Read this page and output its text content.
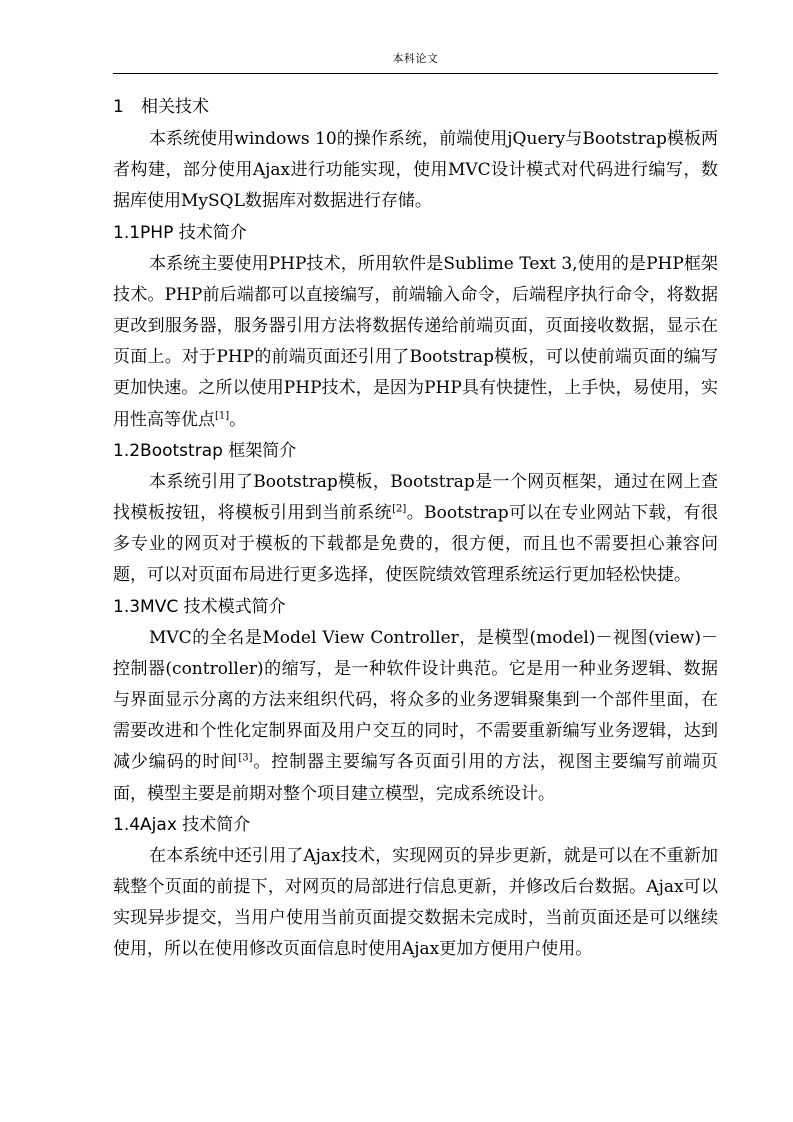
本科论文
1 相关技术

本系统使用windows 10的操作系统，前端使用jQuery与Bootstrap模板两者构建，部分使用Ajax进行功能实现，使用MVC设计模式对代码进行编写，数据库使用MySQL数据库对数据进行存储。

1.1PHP 技术简介

本系统主要使用PHP技术，所用软件是Sublime Text 3,使用的是PHP框架技术。PHP前后端都可以直接编写，前端输入命令，后端程序执行命令，将数据更改到服务器，服务器引用方法将数据传递给前端页面，页面接收数据，显示在页面上。对于PHP的前端页面还引用了Bootstrap模板，可以使前端页面的编写更加快速。之所以使用PHP技术，是因为PHP具有快捷性，上手快，易使用，实用性高等优点[1]。

1.2Bootstrap 框架简介

本系统引用了Bootstrap模板，Bootstrap是一个网页框架，通过在网上查找模板按钮，将模板引用到当前系统[2]。Bootstrap可以在专业网站下载，有很多专业的网页对于模板的下载都是免费的，很方便，而且也不需要担心兼容问题，可以对页面布局进行更多选择，使医院绩效管理系统运行更加轻松快捷。

1.3MVC 技术模式简介

MVC的全名是Model View Controller，是模型(model)－视图(view)－控制器(controller)的缩写，是一种软件设计典范。它是用一种业务逻辑、数据与界面显示分离的方法来组织代码，将众多的业务逻辑聚集到一个部件里面，在需要改进和个性化定制界面及用户交互的同时，不需要重新编写业务逻辑，达到减少编码的时间[3]。控制器主要编写各页面引用的方法，视图主要编写前端页面，模型主要是前期对整个项目建立模型，完成系统设计。

1.4Ajax 技术简介

在本系统中还引用了Ajax技术，实现网页的异步更新，就是可以在不重新加载整个页面的前提下，对网页的局部进行信息更新，并修改后台数据。Ajax可以实现异步提交，当用户使用当前页面提交数据未完成时，当前页面还是可以继续使用，所以在使用修改页面信息时使用Ajax更加方便用户使用。
